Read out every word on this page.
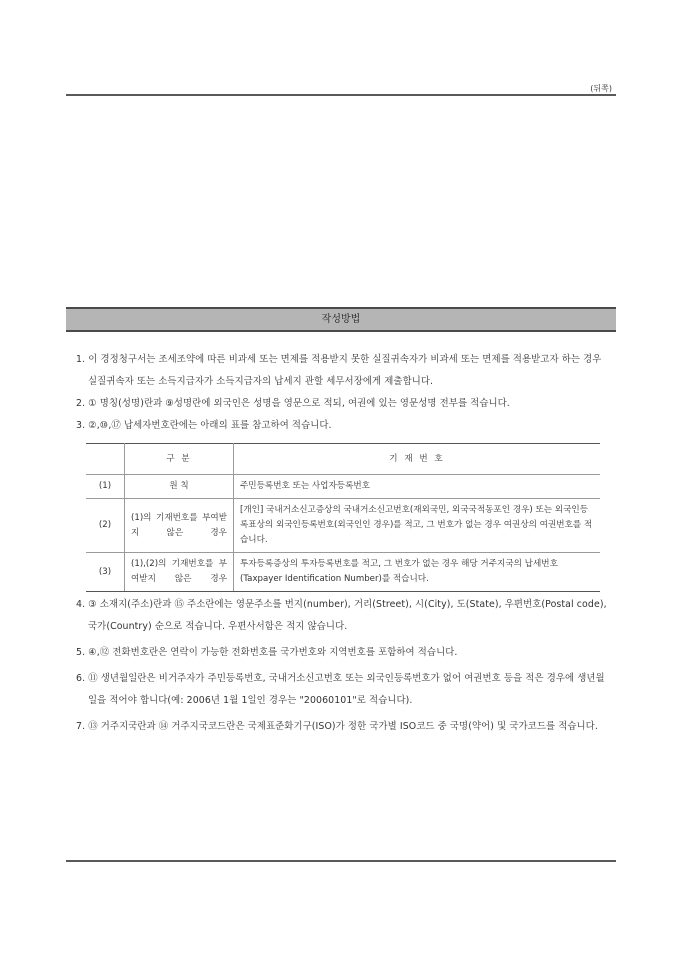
(뒤쪽)
작성방법
1. 이 경정청구서는 조세조약에 따른 비과세 또는 면제를 적용받지 못한 실질귀속자가 비과세 또는 면제를 적용받고자 하는 경우 실질귀속자 또는 소득지급자가 소득지급자의 납세지 관할 세무서장에게 제출합니다.
2. ① 명칭(성명)란과 ⑨성명란에 외국인은 성명을 영문으로 적되, 여권에 있는 영문성명 전부를 적습니다.
3. ②,⑩,⑰ 납세자번호란에는 아래의 표를 참고하여 적습니다.
	구 분	기 재 번 호
(1)	원 칙	주민등록번호 또는 사업자등록번호
(2)	(1)의 기재번호를 부여받지 않은 경우	[개인] 국내거소신고증상의 국내거소신고번호(재외국민, 외국국적동포인 경우) 또는 외국인등록표상의 외국인등록번호(외국인인 경우)를 적고, 그 번호가 없는 경우 여권상의 여권번호를 적습니다.
(3)	(1),(2)의 기재번호를 부여받지 않은 경우	투자등록증상의 투자등록번호를 적고, 그 번호가 없는 경우 해당 거주지국의 납세번호(Taxpayer Identification Number)를 적습니다.
4. ③ 소재지(주소)란과 ⑮ 주소란에는 영문주소를 번지(number), 거리(Street), 시(City), 도(State), 우편번호(Postal code), 국가(Country) 순으로 적습니다. 우편사서함은 적지 않습니다.
5. ④,⑫ 전화번호란은 연락이 가능한 전화번호를 국가번호와 지역번호를 포함하여 적습니다.
6. ⑪ 생년월일란은 비거주자가 주민등록번호, 국내거소신고번호 또는 외국인등록번호가 없어 여권번호 등을 적은 경우에 생년월일을 적어야 합니다(예: 2006년 1월 1일인 경우는 "20060101"로 적습니다).
7. ⑬ 거주지국란과 ⑭ 거주지국코드란은 국제표준화기구(ISO)가 정한 국가별 ISO코드 중 국명(약어) 및 국가코드를 적습니다.
